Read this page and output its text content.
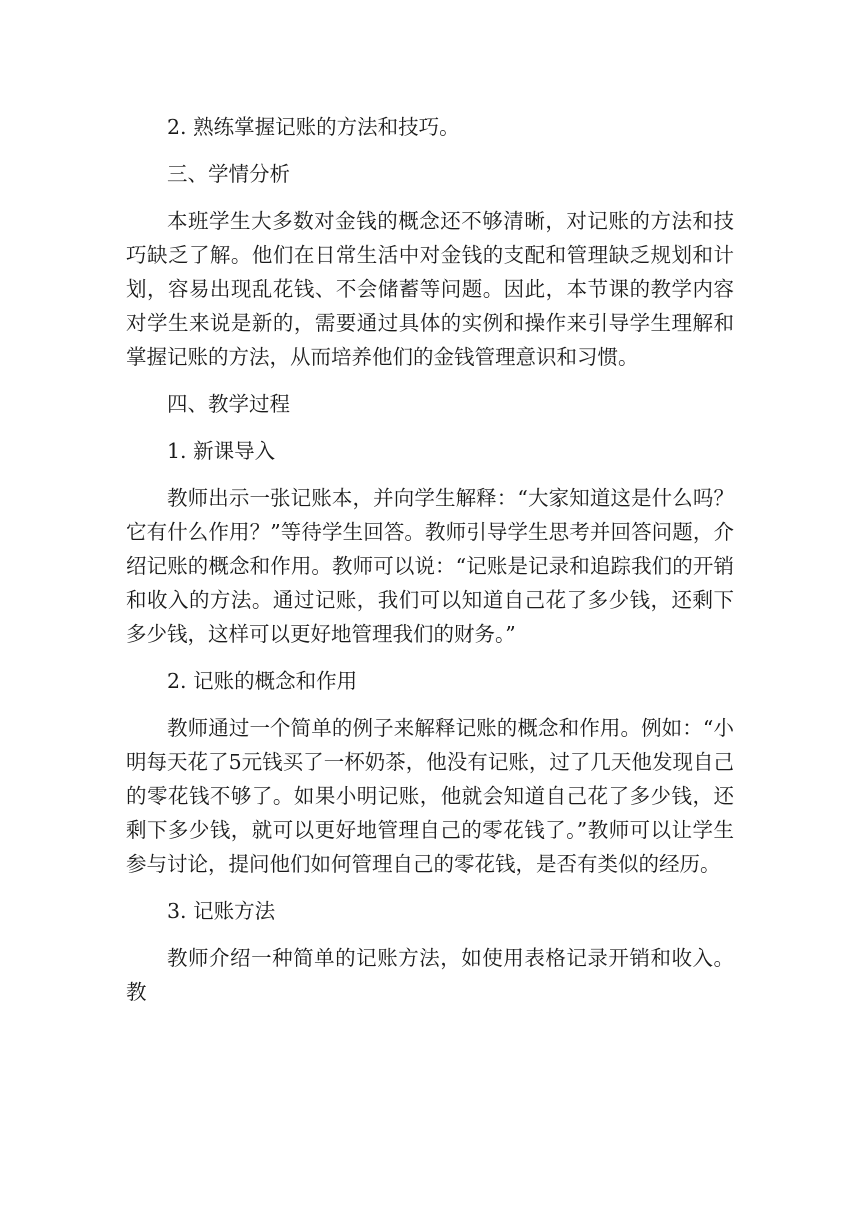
2. 熟练掌握记账的方法和技巧。

三、学情分析

本班学生大多数对金钱的概念还不够清晰，对记账的方法和技巧缺乏了解。他们在日常生活中对金钱的支配和管理缺乏规划和计划，容易出现乱花钱、不会储蓄等问题。因此，本节课的教学内容对学生来说是新的，需要通过具体的实例和操作来引导学生理解和掌握记账的方法，从而培养他们的金钱管理意识和习惯。

四、教学过程

1. 新课导入

教师出示一张记账本，并向学生解释：“大家知道这是什么吗？它有什么作用？”等待学生回答。教师引导学生思考并回答问题，介绍记账的概念和作用。教师可以说：“记账是记录和追踪我们的开销和收入的方法。通过记账，我们可以知道自己花了多少钱，还剩下多少钱，这样可以更好地管理我们的财务。”

2. 记账的概念和作用

教师通过一个简单的例子来解释记账的概念和作用。例如：“小明每天花了5元钱买了一杯奶茶，他没有记账，过了几天他发现自己的零花钱不够了。如果小明记账，他就会知道自己花了多少钱，还剩下多少钱，就可以更好地管理自己的零花钱了。”教师可以让学生参与讨论，提问他们如何管理自己的零花钱，是否有类似的经历。

3. 记账方法

教师介绍一种简单的记账方法，如使用表格记录开销和收入。教
